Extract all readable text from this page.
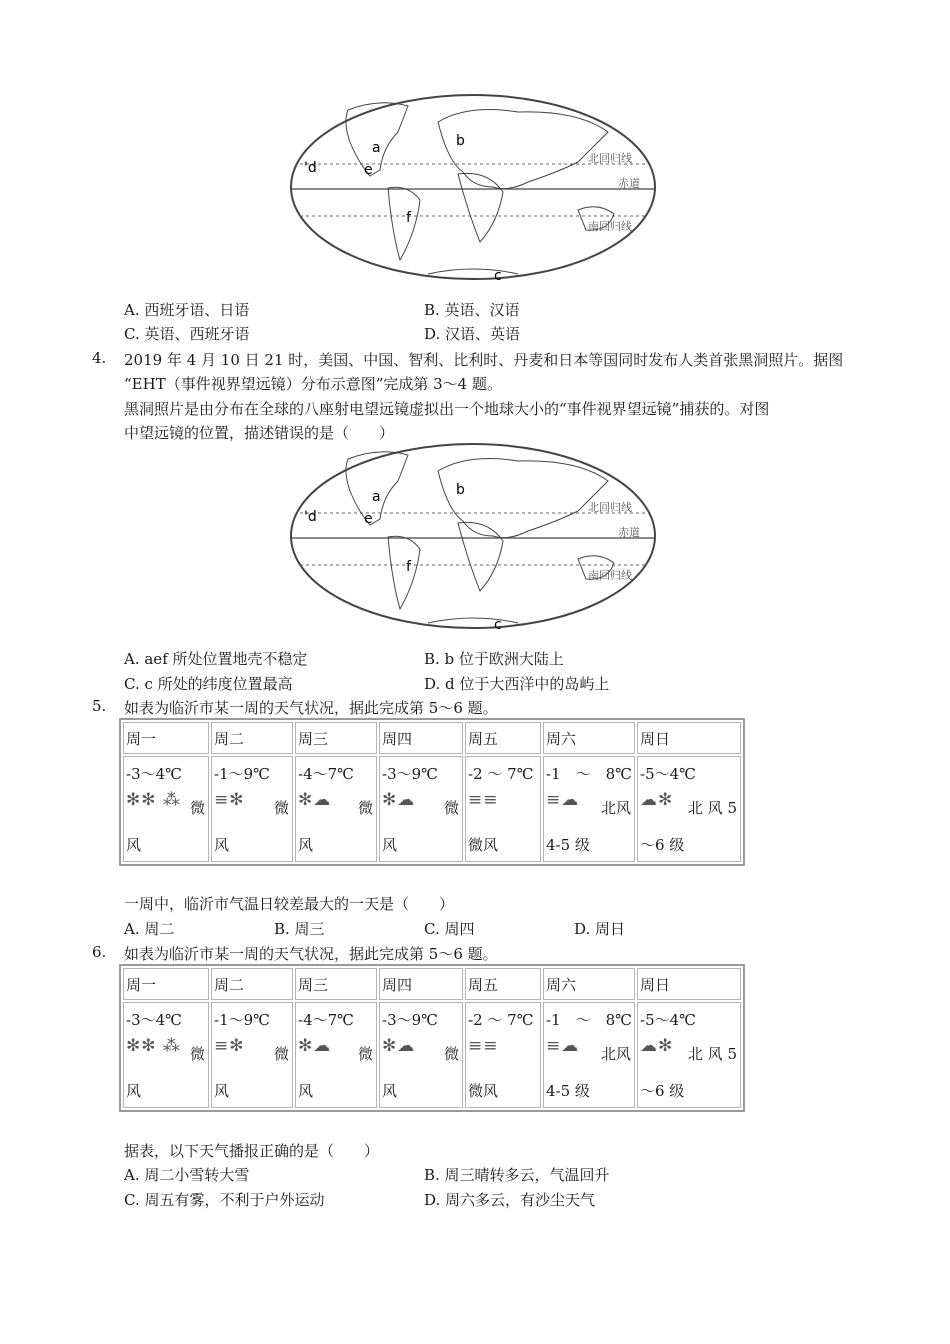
a	b
c
'd	e
f
北回归线
赤道
南回归线
A. 西班牙语、日语	B. 英语、汉语
C. 英语、西班牙语	D. 汉语、英语
4. 2019 年 4 月 10 日 21 时，美国、中国、智利、比利时、丹麦和日本等国同时发布人类首张黑洞照片。据图
“EHT（事件视界望远镜）分布示意图”完成第 3～4 题。
黑洞照片是由分布在全球的八座射电望远镜虚拟出一个地球大小的“事件视界望远镜”捕获的。对图
中望远镜的位置，描述错误的是（　　）
a	b
c
'd	e
f
北回归线
赤道
南回归线
A. aef 所处位置地壳不稳定	B. b 位于欧洲大陆上
C. c 所处的纬度位置最高	D. d 位于大西洋中的岛屿上
5. 如表为临沂市某一周的天气状况，据此完成第 5～6 题。
周一	周二	周三	周四	周五	周六	周日

-3～4℃
✻✻ ⁂ 微
风	-1～9℃
≡✻ 微
风	-4～7℃
✻☁ 微
风	-3～9℃
✻☁ 微
风	-2 ～ 7℃
≡≡
微风	-1　～　8℃
≡☁ 北风
4-5 级	-5～4℃
☁✻ 北 风 5
～6 级
一周中，临沂市气温日较差最大的一天是（　　）
A. 周二	B. 周三	C. 周四	D. 周日
6. 如表为临沂市某一周的天气状况，据此完成第 5～6 题。
周一	周二	周三	周四	周五	周六	周日

-3～4℃
✻✻ ⁂ 微
风	-1～9℃
≡✻ 微
风	-4～7℃
✻☁ 微
风	-3～9℃
✻☁ 微
风	-2 ～ 7℃
≡≡
微风	-1　～　8℃
≡☁ 北风
4-5 级	-5～4℃
☁✻ 北 风 5
～6 级
据表，以下天气播报正确的是（　　）
A. 周二小雪转大雪	B. 周三晴转多云，气温回升
C. 周五有雾，不利于户外运动	D. 周六多云，有沙尘天气
